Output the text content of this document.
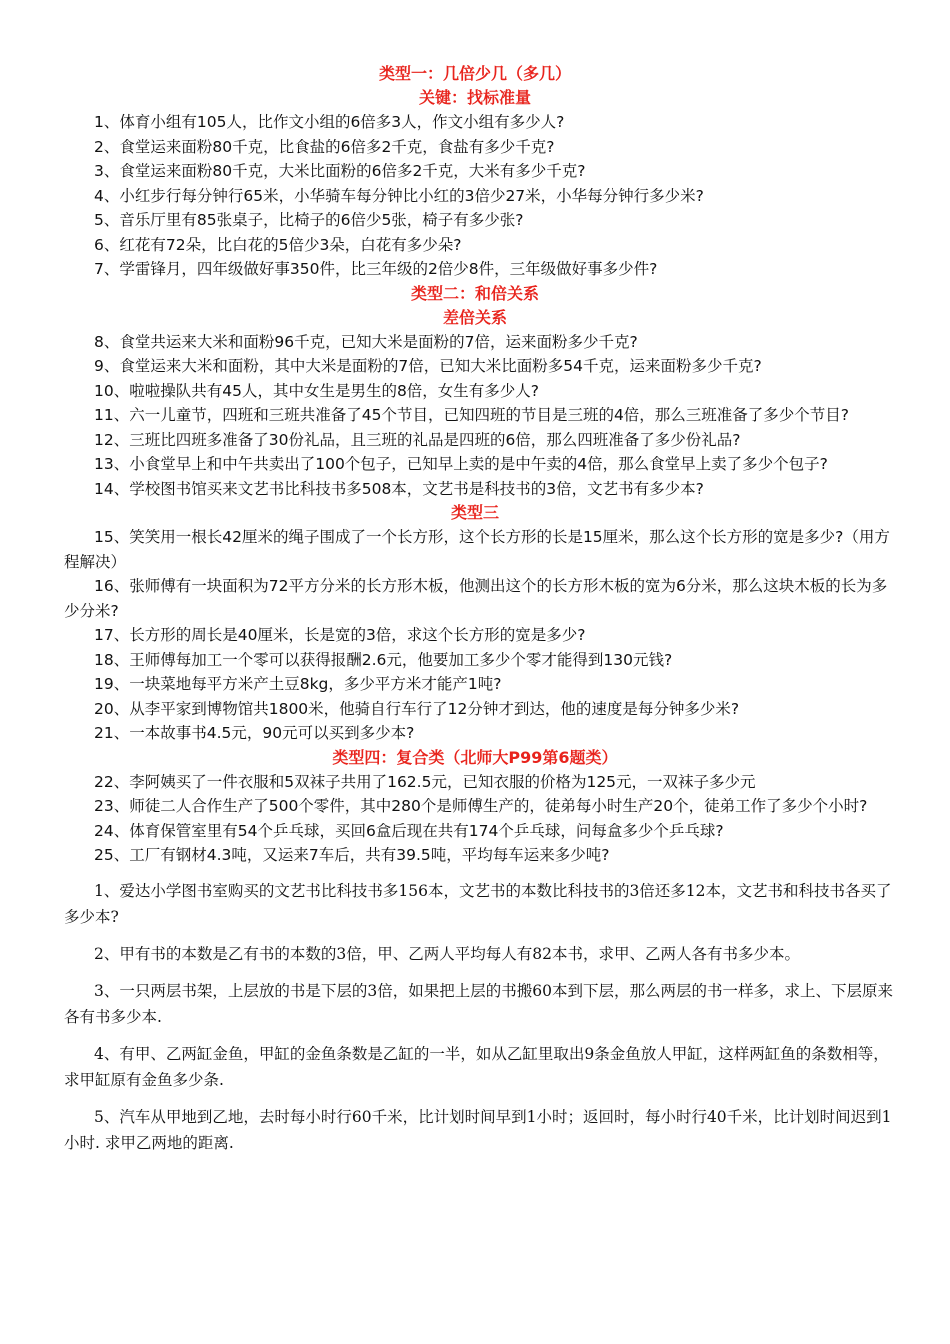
类型一：几倍少几（多几）
关键：找标准量
1、体育小组有105人，比作文小组的6倍多3人，作文小组有多少人?
2、食堂运来面粉80千克，比食盐的6倍多2千克，食盐有多少千克?
3、食堂运来面粉80千克，大米比面粉的6倍多2千克，大米有多少千克?
4、小红步行每分钟行65米，小华骑车每分钟比小红的3倍少27米，小华每分钟行多少米?
5、音乐厅里有85张桌子，比椅子的6倍少5张，椅子有多少张?
6、红花有72朵，比白花的5倍少3朵，白花有多少朵?
7、学雷锋月，四年级做好事350件，比三年级的2倍少8件，三年级做好事多少件?
类型二：和倍关系
差倍关系
8、食堂共运来大米和面粉96千克，已知大米是面粉的7倍，运来面粉多少千克?
9、食堂运来大米和面粉，其中大米是面粉的7倍，已知大米比面粉多54千克，运来面粉多少千克?
10、啦啦操队共有45人，其中女生是男生的8倍，女生有多少人?
11、六一儿童节，四班和三班共准备了45个节目，已知四班的节目是三班的4倍，那么三班准备了多少个节目?
12、三班比四班多准备了30份礼品，且三班的礼品是四班的6倍，那么四班准备了多少份礼品?
13、小食堂早上和中午共卖出了100个包子，已知早上卖的是中午卖的4倍，那么食堂早上卖了多少个包子?
14、学校图书馆买来文艺书比科技书多508本，文艺书是科技书的3倍，文艺书有多少本?
类型三
15、笑笑用一根长42厘米的绳子围成了一个长方形，这个长方形的长是15厘米，那么这个长方形的宽是多少?（用方程解决）
16、张师傅有一块面积为72平方分米的长方形木板，他测出这个的长方形木板的宽为6分米，那么这块木板的长为多少分米?
17、长方形的周长是40厘米，长是宽的3倍，求这个长方形的宽是多少?
18、王师傅每加工一个零可以获得报酬2.6元，他要加工多少个零才能得到130元钱?
19、一块菜地每平方米产土豆8kg，多少平方米才能产1吨?
20、从李平家到博物馆共1800米，他骑自行车行了12分钟才到达，他的速度是每分钟多少米?
21、一本故事书4.5元，90元可以买到多少本?
类型四：复合类（北师大P99第6题类）
22、李阿姨买了一件衣服和5双袜子共用了162.5元，已知衣服的价格为125元，一双袜子多少元
23、师徒二人合作生产了500个零件，其中280个是师傅生产的，徒弟每小时生产20个，徒弟工作了多少个小时?
24、体育保管室里有54个乒乓球，买回6盒后现在共有174个乒乓球，问每盒多少个乒乓球?
25、工厂有钢材4.3吨，又运来7车后，共有39.5吨，平均每车运来多少吨?
1、爱达小学图书室购买的文艺书比科技书多156本，文艺书的本数比科技书的3倍还多12本，文艺书和科技书各买了多少本?
2、甲有书的本数是乙有书的本数的3倍，甲、乙两人平均每人有82本书，求甲、乙两人各有书多少本。
3、一只两层书架，上层放的书是下层的3倍，如果把上层的书搬60本到下层，那么两层的书一样多，求上、下层原来各有书多少本.
4、有甲、乙两缸金鱼，甲缸的金鱼条数是乙缸的一半，如从乙缸里取出9条金鱼放人甲缸，这样两缸鱼的条数相等，求甲缸原有金鱼多少条.
5、汽车从甲地到乙地，去时每小时行60千米，比计划时间早到1小时；返回时，每小时行40千米，比计划时间迟到1小时. 求甲乙两地的距离.
